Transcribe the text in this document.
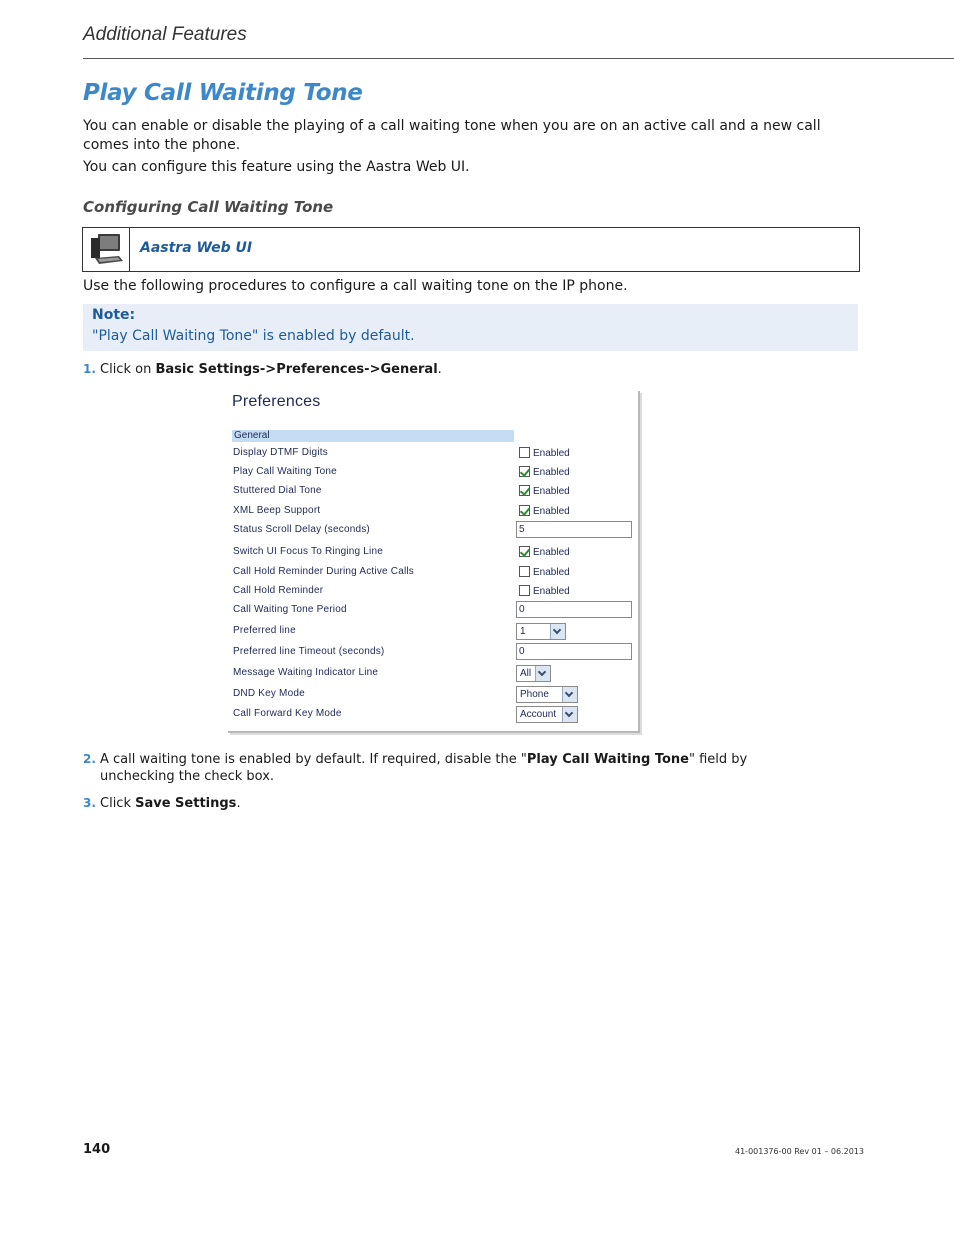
Additional Features
Play Call Waiting Tone
You can enable or disable the playing of a call waiting tone when you are on an active call and a new call comes into the phone.
You can configure this feature using the Aastra Web UI.
Configuring Call Waiting Tone
Aastra Web UI
Use the following procedures to configure a call waiting tone on the IP phone.
Note:
"Play Call Waiting Tone" is enabled by default.
1. Click on Basic Settings->Preferences->General.
Preferences
General
Display DTMF Digits	Enabled
Play Call Waiting Tone	Enabled
Stuttered Dial Tone	Enabled
XML Beep Support	Enabled
Status Scroll Delay (seconds)	5
Switch UI Focus To Ringing Line	Enabled
Call Hold Reminder During Active Calls	Enabled
Call Hold Reminder	Enabled
Call Waiting Tone Period	0
Preferred line	1
Preferred line Timeout (seconds)	0
Message Waiting Indicator Line	All
DND Key Mode	Phone
Call Forward Key Mode	Account
2. A call waiting tone is enabled by default. If required, disable the "Play Call Waiting Tone" field by unchecking the check box.
3. Click Save Settings.
140	41-001376-00 Rev 01 – 06.2013
